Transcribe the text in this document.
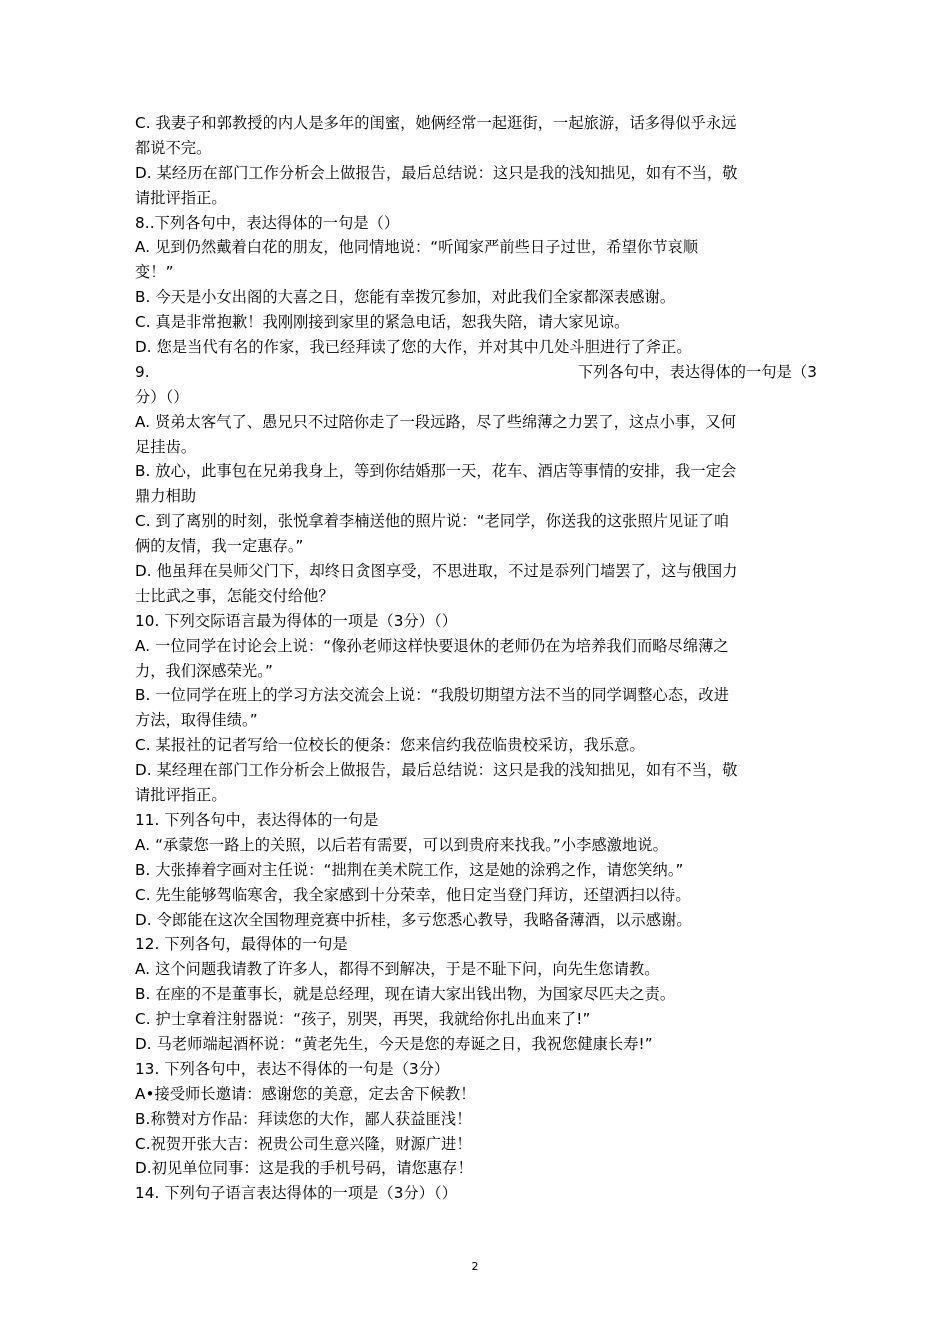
C. 我妻子和郭教授的内人是多年的闺蜜，她俩经常一起逛街，一起旅游，话多得似乎永远
都说不完。
D. 某经历在部门工作分析会上做报告，最后总结说：这只是我的浅知拙见，如有不当，敬
请批评指正。
8..下列各句中，表达得体的一句是（）
A. 见到仍然戴着白花的朋友，他同情地说：“听闻家严前些日子过世，希望你节哀顺
变！”
B. 今天是小女出阁的大喜之日，您能有幸拨冗参加，对此我们全家都深表感谢。
C. 真是非常抱歉！我刚刚接到家里的紧急电话，恕我失陪，请大家见谅。
D. 您是当代有名的作家，我已经拜读了您的大作，并对其中几处斗胆进行了斧正。
9.	下列各句中，表达得体的一句是（3
分）（）
A. 贤弟太客气了、愚兄只不过陪你走了一段远路，尽了些绵薄之力罢了，这点小事，又何
足挂齿。
B. 放心，此事包在兄弟我身上，等到你结婚那一天，花车、酒店等事情的安排，我一定会
鼎力相助
C. 到了离别的时刻，张悦拿着李楠送他的照片说：“老同学，你送我的这张照片见证了咱
俩的友情，我一定惠存。”
D. 他虽拜在吴师父门下，却终日贪图享受，不思进取，不过是忝列门墙罢了，这与俄国力
士比武之事，怎能交付给他？
10. 下列交际语言最为得体的一项是（3分）（）
A. 一位同学在讨论会上说：“像孙老师这样快要退休的老师仍在为培养我们而略尽绵薄之
力，我们深感荣光。”
B. 一位同学在班上的学习方法交流会上说：“我殷切期望方法不当的同学调整心态，改进
方法，取得佳绩。”
C. 某报社的记者写给一位校长的便条：您来信约我莅临贵校采访，我乐意。
D. 某经理在部门工作分析会上做报告，最后总结说：这只是我的浅知拙见，如有不当，敬
请批评指正。
11. 下列各句中，表达得体的一句是
A. “承蒙您一路上的关照，以后若有需要，可以到贵府来找我。”小李感激地说。
B. 大张捧着字画对主任说：“拙荆在美术院工作，这是她的涂鸦之作，请您笑纳。”
C. 先生能够驾临寒舍，我全家感到十分荣幸，他日定当登门拜访，还望洒扫以待。
D. 令郎能在这次全国物理竞赛中折桂，多亏您悉心教导，我略备薄酒，以示感谢。
12. 下列各句，最得体的一句是
A. 这个问题我请教了许多人，都得不到解决，于是不耻下问，向先生您请教。
B. 在座的不是董事长，就是总经理，现在请大家出钱出物，为国家尽匹夫之责。
C. 护士拿着注射器说：“孩子，别哭，再哭，我就给你扎出血来了!”
D. 马老师端起酒杯说：“黄老先生，今天是您的寿诞之日，我祝您健康长寿!”
13. 下列各句中，表达不得体的一句是（3分）
A•接受师长邀请：感谢您的美意，定去舍下候教！
B.称赞对方作品：拜读您的大作，鄙人获益匪浅！
C.祝贺开张大吉：祝贵公司生意兴隆，财源广进！
D.初见单位同事：这是我的手机号码，请您惠存！
14. 下列句子语言表达得体的一项是（3分）（）
2
